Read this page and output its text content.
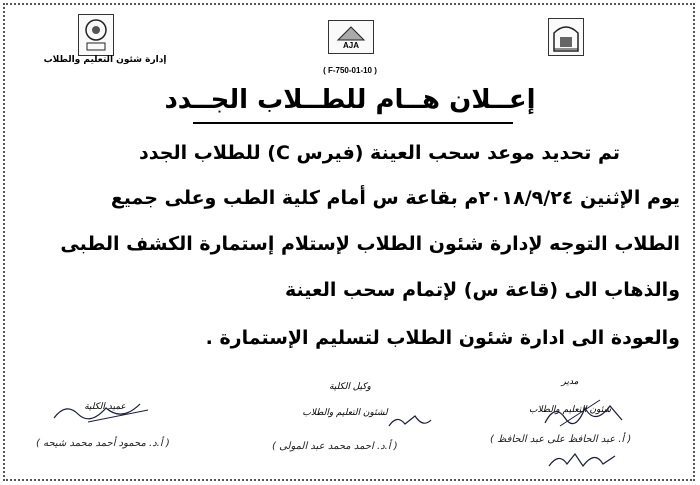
AJA
إدارة شئون التعليم والطلاب
( F-750-01-10 )
إعــلان هــام للطــلاب الجــدد
تم تحديد موعد سحب العينة (فيرس C) للطلاب الجدد
يوم الإثنين ٢٠١٨/٩/٢٤م بقاعة س أمام كلية الطب وعلى جميع
الطلاب التوجه لإدارة شئون الطلاب لإستلام إستمارة الكشف الطبى
والذهاب الى (قاعة س) لإتمام سحب العينة
والعودة الى ادارة شئون الطلاب لتسليم الإستمارة .
مدير
شئون التعليم والطلاب
( أ. عبد الحافظ على عبد الحافظ )
وكيل الكلية
لشئون التعليم والطلاب
( أ.د. احمد محمد عبد المولى )
عميد الكلية
( أ.د. محمود أحمد محمد شيحه )
